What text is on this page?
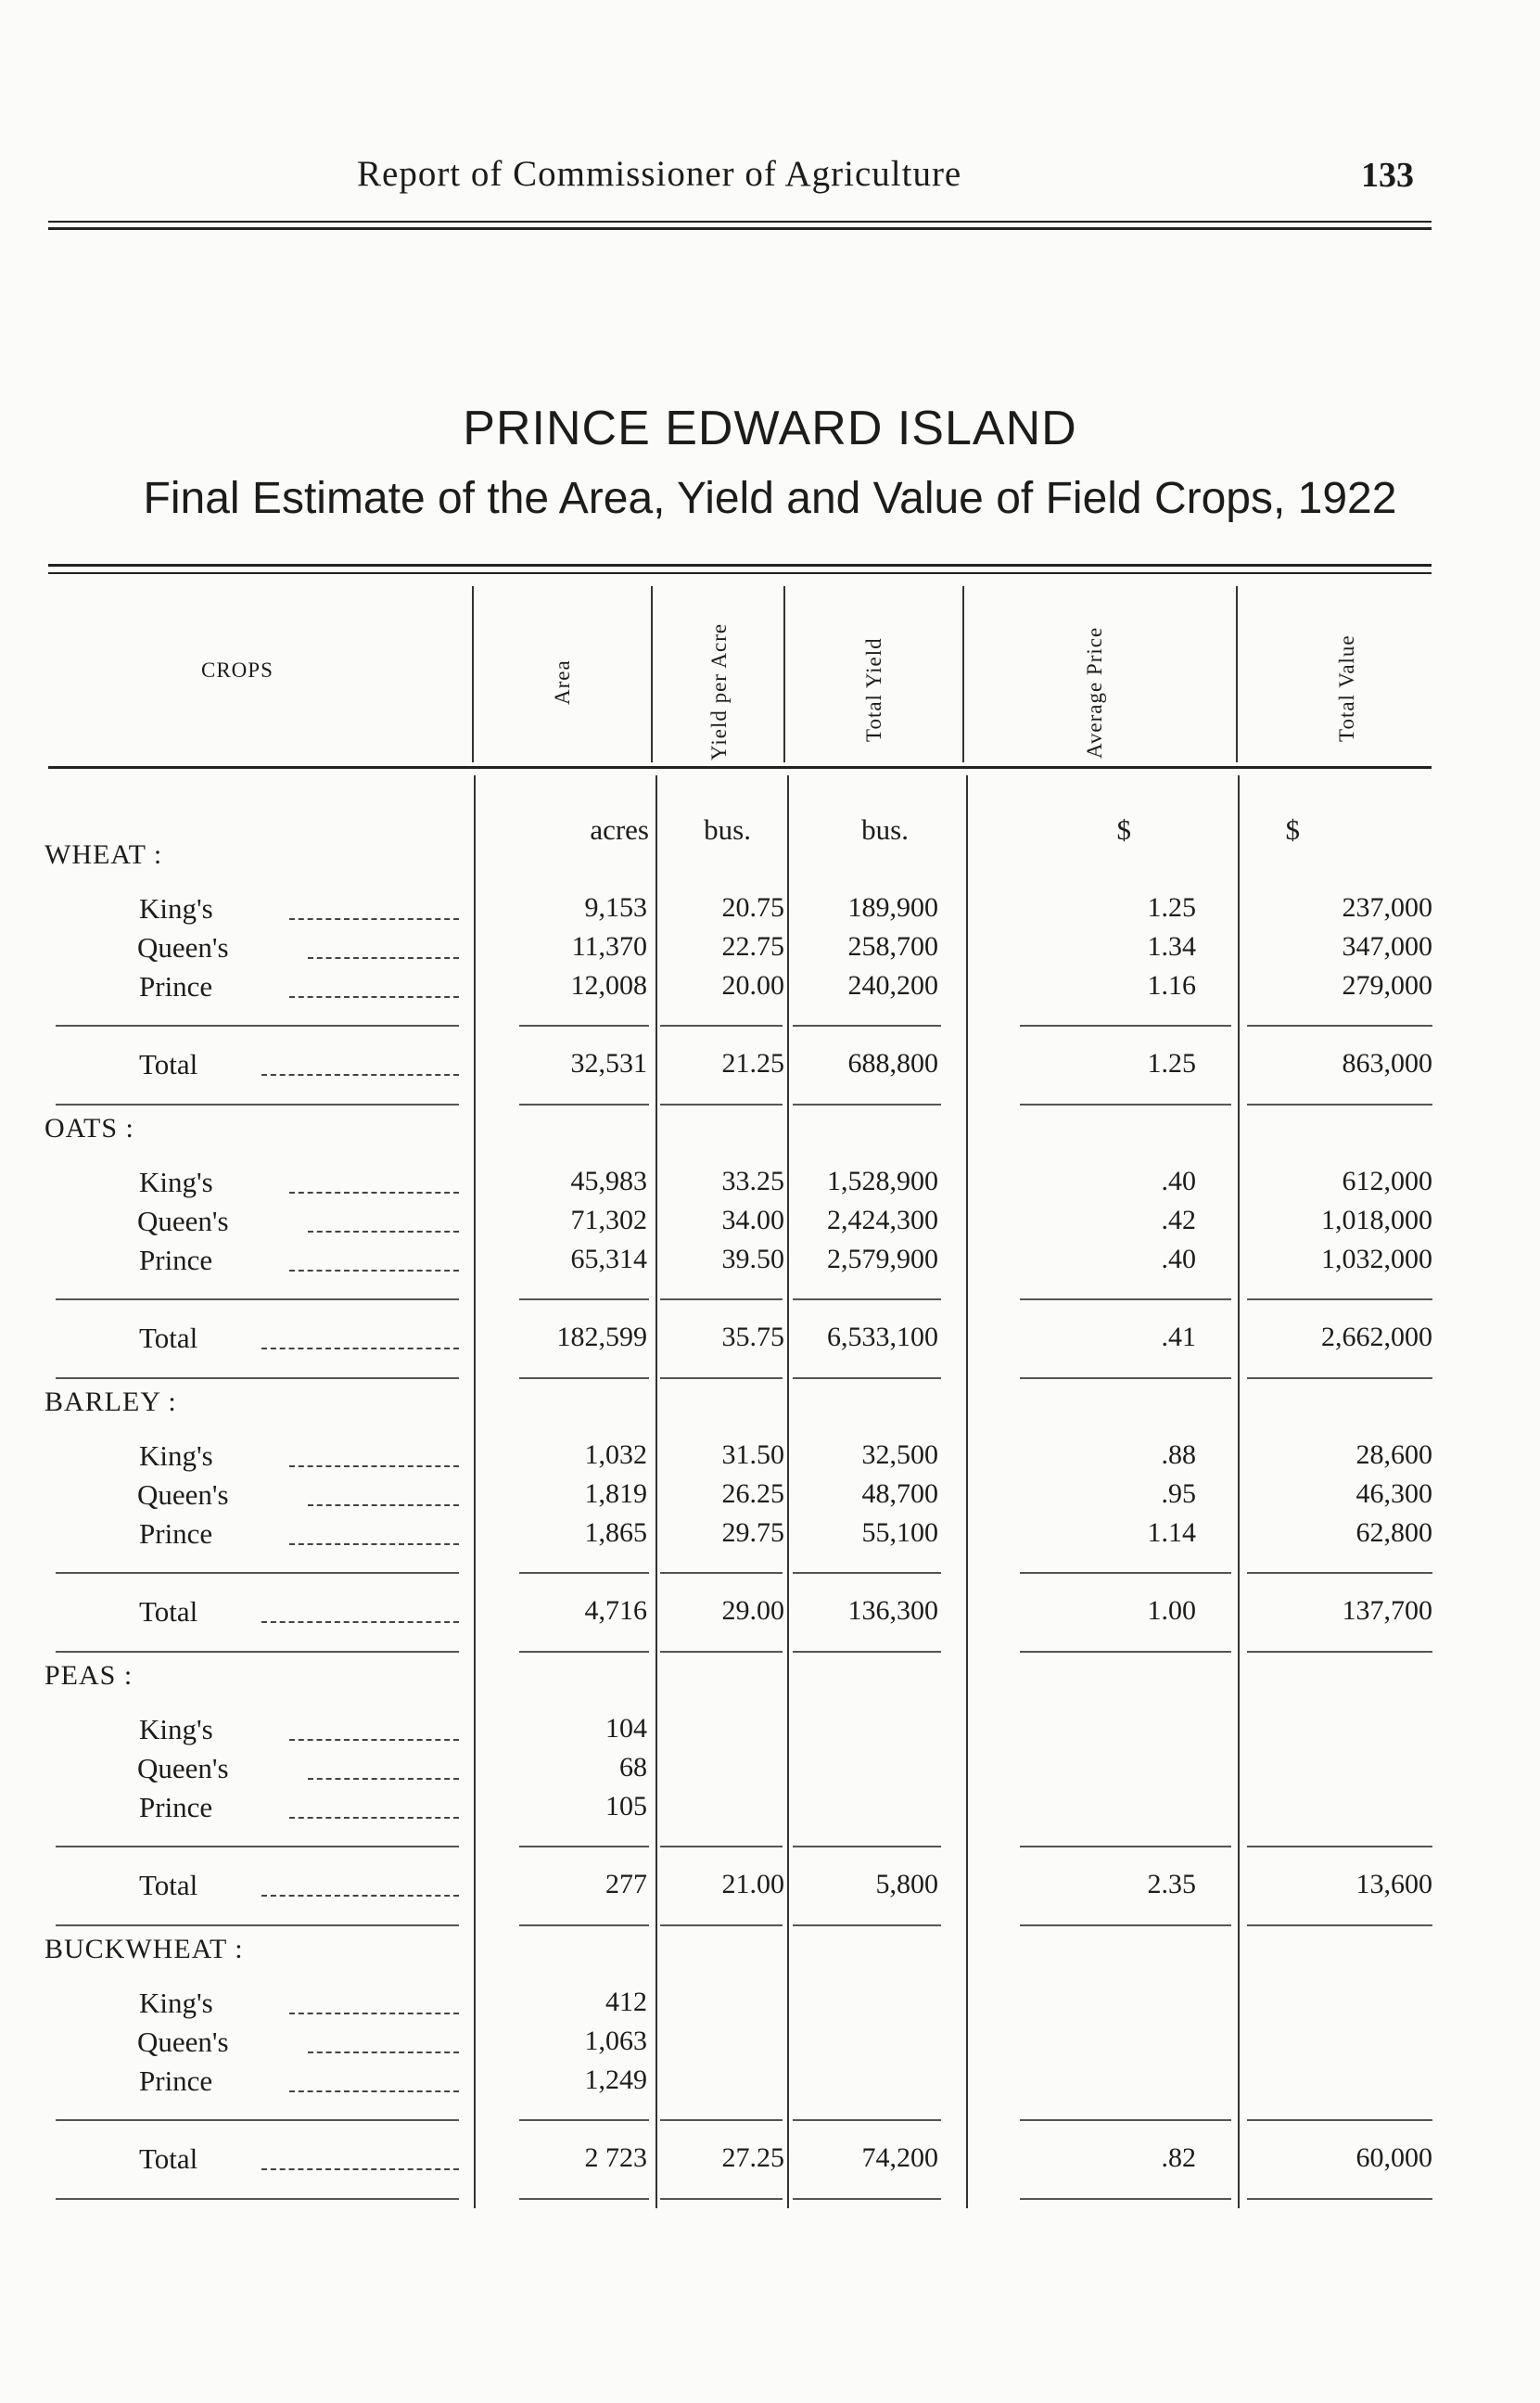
Report of Commissioner of Agriculture	133
PRINCE EDWARD ISLAND
Final Estimate of the Area, Yield and Value of Field Crops, 1922
CROPS	Area	Yield per Acre	Total Yield	Average Price	Total Value
acres	bus.	bus.	$	$
WHEAT :
King's	9,153	20.75	189,900	1.25	237,000
Queen's	11,370	22.75	258,700	1.34	347,000
Prince	12,008	20.00	240,200	1.16	279,000
Total	32,531	21.25	688,800	1.25	863,000
OATS :
King's	45,983	33.25	1,528,900	.40	612,000
Queen's	71,302	34.00	2,424,300	.42	1,018,000
Prince	65,314	39.50	2,579,900	.40	1,032,000
Total	182,599	35.75	6,533,100	.41	2,662,000
BARLEY :
King's	1,032	31.50	32,500	.88	28,600
Queen's	1,819	26.25	48,700	.95	46,300
Prince	1,865	29.75	55,100	1.14	62,800
Total	4,716	29.00	136,300	1.00	137,700
PEAS :
King's	104
Queen's	68
Prince	105
Total	277	21.00	5,800	2.35	13,600
BUCKWHEAT :
King's	412
Queen's	1,063
Prince	1,249
Total	2 723	27.25	74,200	.82	60,000
